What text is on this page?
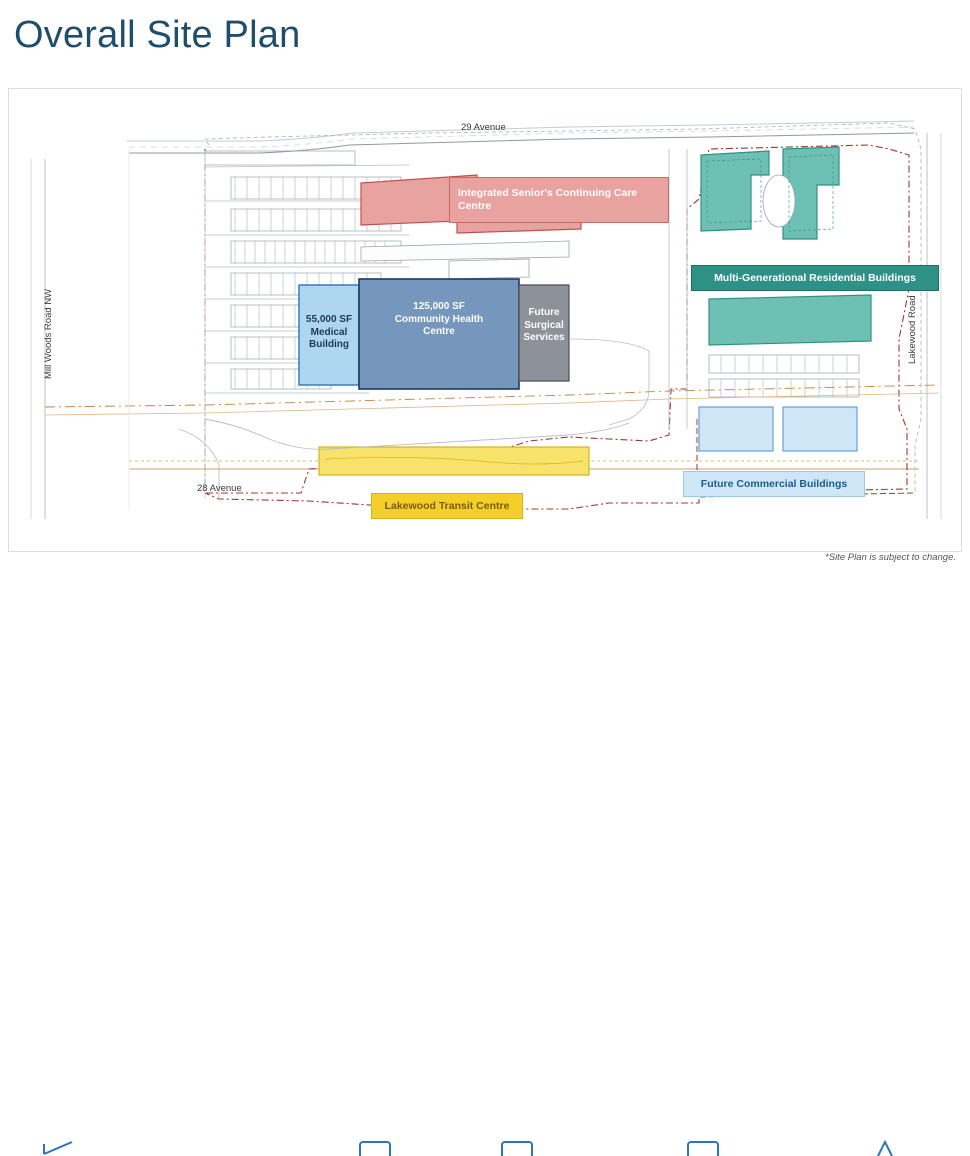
Overall Site Plan
29 Avenue
28 Avenue
Mill Woods Road NW	Lakewood Road
55,000 SF Medical Building
125,000 SF Community Health Centre
Future Surgical Services
Integrated Senior's Continuing Care Centre
Multi-Generational Residential Buildings
Future Commercial Buildings
Lakewood Transit Centre
*Site Plan is subject to change.
